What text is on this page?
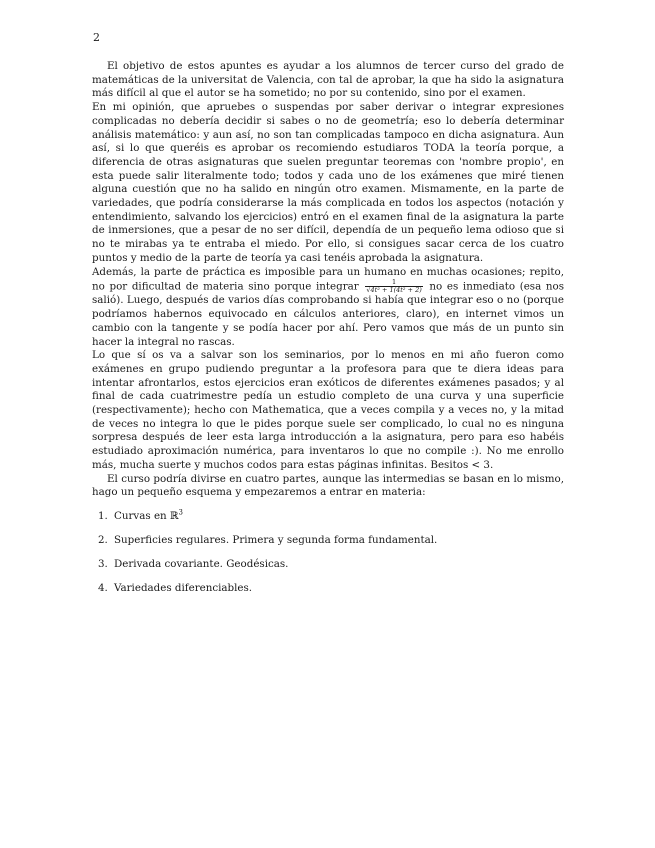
2

El objetivo de estos apuntes es ayudar a los alumnos de tercer curso del grado de matemáticas de la universitat de Valencia, con tal de aprobar, la que ha sido la asignatura más difícil al que el autor se ha sometido; no por su contenido, sino por el examen.

En mi opinión, que apruebes o suspendas por saber derivar o integrar expresiones complicadas no debería decidir si sabes o no de geometría; eso lo debería determinar análisis matemático: y aun así, no son tan complicadas tampoco en dicha asignatura. Aun así, si lo que queréis es aprobar os recomiendo estudiaros TODA la teoría porque, a diferencia de otras asignaturas que suelen preguntar teoremas con 'nombre propio', en esta puede salir literalmente todo; todos y cada uno de los exámenes que miré tienen alguna cuestión que no ha salido en ningún otro examen. Mismamente, en la parte de variedades, que podría considerarse la más complicada en todos los aspectos (notación y entendimiento, salvando los ejercicios) entró en el examen final de la asignatura la parte de inmersiones, que a pesar de no ser difícil, dependía de un pequeño lema odioso que si no te mirabas ya te entraba el miedo. Por ello, si consigues sacar cerca de los cuatro puntos y medio de la parte de teoría ya casi tenéis aprobada la asignatura.

Además, la parte de práctica es imposible para un humano en muchas ocasiones; repito, no por dificultad de materia sino porque integrar $\frac{1}{\text{√4t² + 1(4t² + 2)}}$ no es inmediato (esa nos salió). Luego, después de varios días comprobando si había que integrar eso o no (porque podríamos habernos equivocado en cálculos anteriores, claro), en internet vimos un cambio con la tangente y se podía hacer por ahí. Pero vamos que más de un punto sin hacer la integral no rascas.

Lo que sí os va a salvar son los seminarios, por lo menos en mi año fueron como exámenes en grupo pudiendo preguntar a la profesora para que te diera ideas para intentar afrontarlos, estos ejercicios eran exóticos de diferentes exámenes pasados; y al final de cada cuatrimestre pedía un estudio completo de una curva y una superficie (respectivamente); hecho con Mathematica, que a veces compila y a veces no, y la mitad de veces no integra lo que le pides porque suele ser complicado, lo cual no es ninguna sorpresa después de leer esta larga introducción a la asignatura, pero para eso habéis estudiado aproximación numérica, para inventaros lo que no compile :). No me enrollo más, mucha suerte y muchos codos para estas páginas infinitas. Besitos < 3.

El curso podría divirse en cuatro partes, aunque las intermedias se basan en lo mismo, hago un pequeño esquema y empezaremos a entrar en materia:

1. Curvas en ℝ$^3$
2. Superficies regulares. Primera y segunda forma fundamental.
3. Derivada covariante. Geodésicas.
4. Variedades diferenciables.
